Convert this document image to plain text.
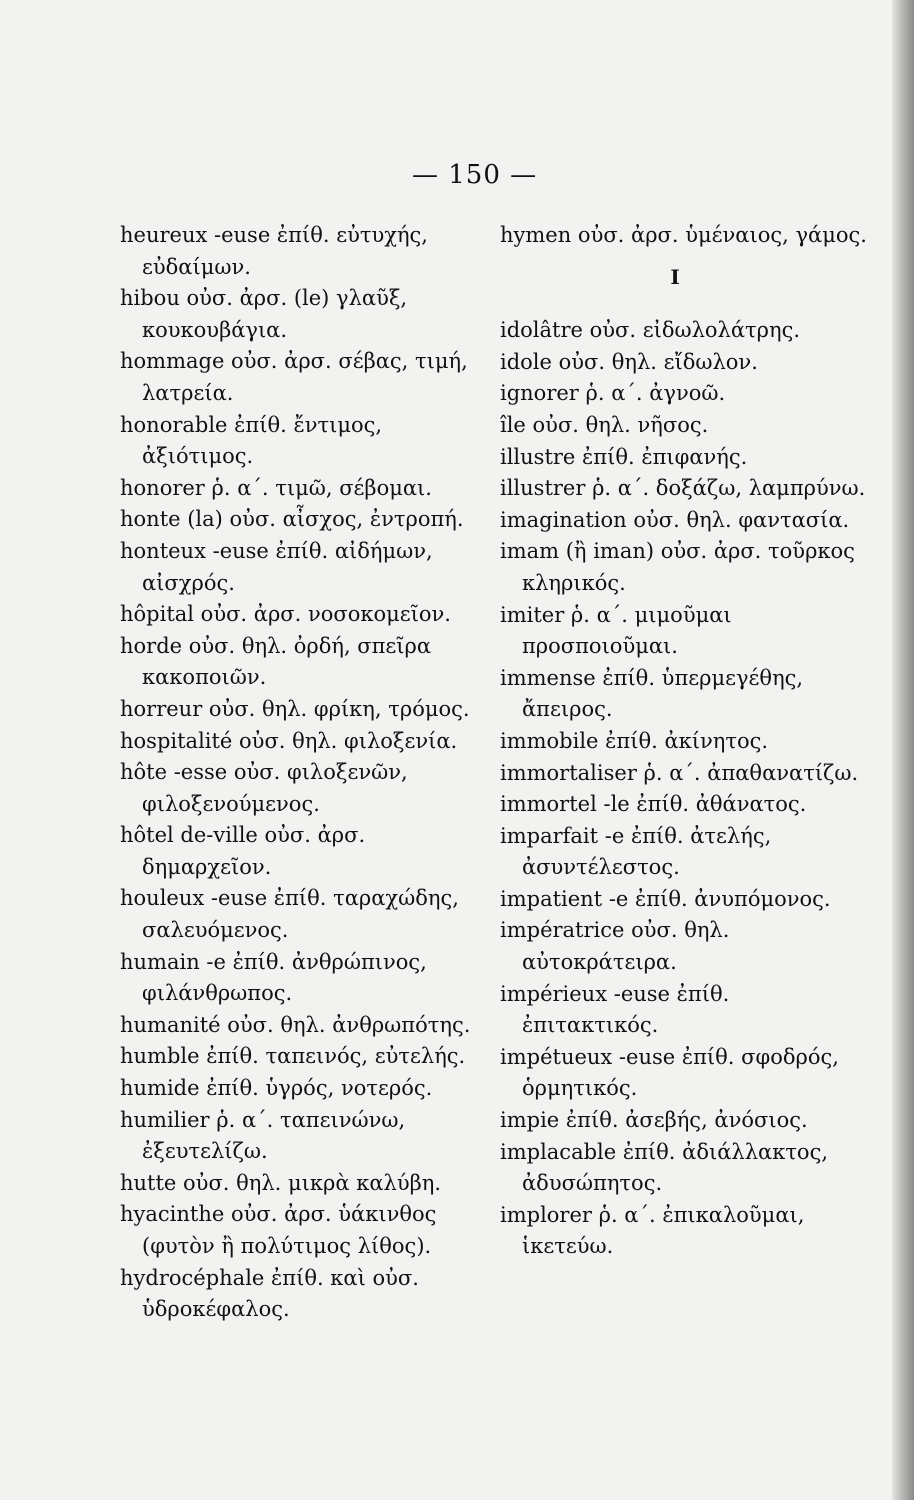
— 150 —

heureux -euse ἐπίθ. εὐτυχής, εὐδαίμων.

hibou οὐσ. ἀρσ. (le) γλαῦξ, κουκουβάγια.

hommage οὐσ. ἀρσ. σέβας, τιμή, λατρεία.

honorable ἐπίθ. ἔντιμος, ἀξιότιμος.

honorer ῥ. α΄. τιμῶ, σέβομαι.

honte (la) οὐσ. αἶσχος, ἐντροπή.

honteux -euse ἐπίθ. αἰδήμων, αἰσχρός.

hôpital οὐσ. ἀρσ. νοσοκομεῖον.

horde οὐσ. θηλ. ὀρδή, σπεῖρα κακοποιῶν.

horreur οὐσ. θηλ. φρίκη, τρόμος.

hospitalité οὐσ. θηλ. φιλοξενία.

hôte -esse οὐσ. φιλοξενῶν, φιλοξενούμενος.

hôtel de-ville οὐσ. ἀρσ. δημαρχεῖον.

houleux -euse ἐπίθ. ταραχώδης, σαλευόμενος.

humain -e ἐπίθ. ἀνθρώπινος, φιλάνθρωπος.

humanité οὐσ. θηλ. ἀνθρωπότης.

humble ἐπίθ. ταπεινός, εὐτελής.

humide ἐπίθ. ὑγρός, νοτερός.

humilier ῥ. α΄. ταπεινώνω, ἐξευτελίζω.

hutte οὐσ. θηλ. μικρὰ καλύβη.

hyacinthe οὐσ. ἀρσ. ὑάκινθος (φυτὸν ἢ πολύτιμος λίθος).

hydrocéphale ἐπίθ. καὶ οὐσ. ὑδροκέφαλος.

hymen οὐσ. ἀρσ. ὑμέναιος, γάμος.

I

idolâtre οὐσ. εἰδωλολάτρης.

idole οὐσ. θηλ. εἴδωλον.

ignorer ῥ. α΄. ἀγνοῶ.

île οὐσ. θηλ. νῆσος.

illustre ἐπίθ. ἐπιφανής.

illustrer ῥ. α΄. δοξάζω, λαμπρύνω.

imagination οὐσ. θηλ. φαντασία.

imam (ἢ iman) οὐσ. ἀρσ. τοῦρκος κληρικός.

imiter ῥ. α΄. μιμοῦμαι προσποιοῦμαι.

immense ἐπίθ. ὑπερμεγέθης, ἄπειρος.

immobile ἐπίθ. ἀκίνητος.

immortaliser ῥ. α΄. ἀπαθανατίζω.

immortel -le ἐπίθ. ἀθάνατος.

imparfait -e ἐπίθ. ἀτελής, ἀσυντέλεστος.

impatient -e ἐπίθ. ἀνυπόμονος.

impératrice οὐσ. θηλ. αὐτοκράτειρα.

impérieux -euse ἐπίθ. ἐπιτακτικός.

impétueux -euse ἐπίθ. σφοδρός, ὁρμητικός.

impie ἐπίθ. ἀσεβής, ἀνόσιος.

implacable ἐπίθ. ἀδιάλλακτος, ἀδυσώπητος.

implorer ῥ. α΄. ἐπικαλοῦμαι, ἱκετεύω.
